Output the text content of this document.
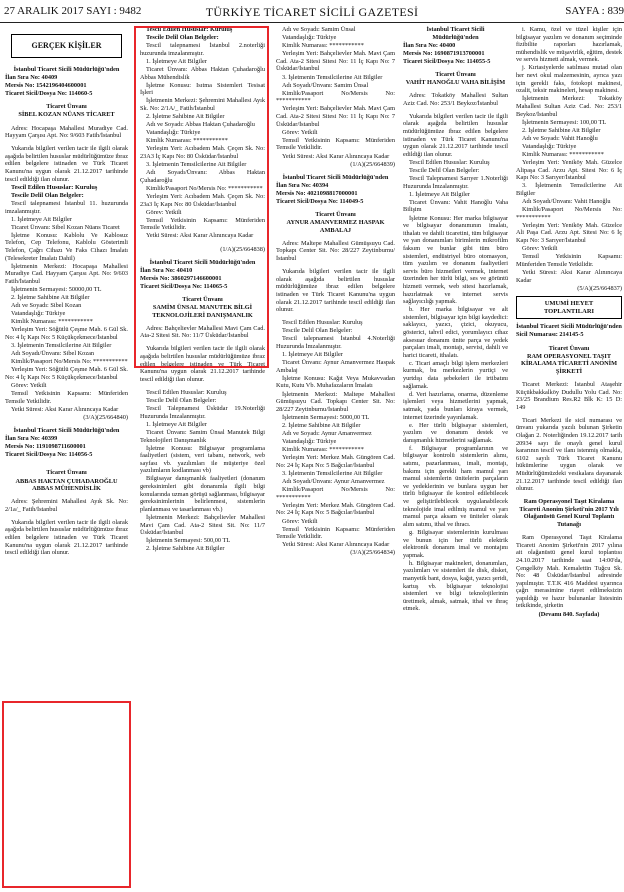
27 ARALIK 2017 SAYI : 9482	TÜRKİYE TİCARET SİCİLİ GAZETESİ	SAYFA : 839
GERÇEK KİŞİLER

İstanbul Ticaret Sicili Müdürlüğü'nden

İlan Sıra No: 40409

Mersis No: 1542196404600001

Ticaret Sicil/Dosya No: 114060-5

Ticaret Ünvanı

SİBEL KOZAN NÜANS TİCARET

Adres: Hocapaşa Mahallesi Muradiye Cad. Hayyam Çarşısı Apt. No: 9/603 Fatih/İstanbul

Yukarıda bilgileri verilen tacir ile ilgili olarak aşağıda belirtilen hususlar müdürlüğümüze ibraz edilen belgelere istinaden ve Türk Ticaret Kanunu'na uygun olarak 21.12.2017 tarihinde tescil edildiği ilan olunur.

Tescil Edilen Hususlar: Kuruluş

Tescile Delil Olan Belgeler:

Tescil talepnamesi İstanbul 11. huzurunda imzalanmıştır.

1. İşletmeye Ait Bilgiler

Ticaret Ünvanı: Sibel Kozan Nüans Ticaret

İşletme Konusu: Kablolu Ve Kablosuz Telefon, Cep Telefonu, Kablolu Gösterimli Telefon, Çağrı Cihazı Ve Faks Cihazı İmalatı (Telesekreter İmalatı Dahil)

İşletmenin Merkezi: Hocapaşa Mahallesi Muradiye Cad. Hayyam Çarşısı Apt. No: 9/603 Fatih/İstanbul

İşletmenin Sermayesi: 50000,00 TL

2. İşletme Sahibine Ait Bilgiler

Adı ve Soyadı: Sibel Kozan

Vatandaşlığı: Türkiye

Kimlik Numarası: ***********

Yerleşim Yeri: Söğütlü Çeşme Mah. 6 Gül Sk. No: 4 İç Kapı No: 5 Küçükçekmece/İstanbul

3. İşletmenin Temsilcilerine Ait Bilgiler

Adı Soyadı/Ünvanı: Sibel Kozan

Kimlik/Pasaport No/Mersis No: ***********

Yerleşim Yeri: Söğütlü Çeşme Mah. 6 Gül Sk. No: 4 İç Kapı No: 5 Küçükçekmece/İstanbul

Görev: Yetkili

Temsil Yetkisinin Kapsamı: Münferiden Temsile Yetkilidir.

Yetki Süresi: Aksi Karar Alınıncaya Kadar

(3/A)(25/664840)

İstanbul Ticaret Sicili Müdürlüğü'nden

İlan Sıra No: 40399

Mersis No: 1191098711600001

Ticaret Sicil/Dosya No: 114056-5

Ticaret Ünvanı

ABBAS HAKTAN ÇUHADAROĞLU ABBAS MÜHENDİSLİK

Adres: Şehremini Mahallesi Ayık Sk. No: 2/1a/_ Fatih/İstanbul

Yukarıda bilgileri verilen tacir ile ilgili olarak aşağıda belirtilen hususlar müdürlüğümüze ibraz edilen belgelere istinaden ve Türk Ticaret Kanunu'na uygun olarak 21.12.2017 tarihinde tescil edildiği ilan olunur.

Tescil Edilen Hususlar: Kuruluş

Tescile Delil Olan Belgeler:

Tescil talepnamesi İstanbul 2.noterliği huzurunda imzalanmıştır.

1. İşletmeye Ait Bilgiler

Ticaret Ünvanı: Abbas Haktan Çuhadaroğlu Abbas Mühendislik

İşletme Konusu: Isıtma Sistemleri Tesisat İşleri

İşletmenin Merkezi: Şehremini Mahallesi Ayık Sk. No: 2/1A/_ Fatih/İstanbul

2. İşletme Sahibine Ait Bilgiler

Adı ve Soyadı: Abbas Haktan Çuhadaroğlu

Vatandaşlığı: Türkiye

Kimlik Numarası: ***********

Yerleşim Yeri: Acıbadem Mah. Çeçen Sk. No: 23A3 İç Kapı No: 80 Üsküdar/İstanbul

3. İşletmenin Temsilcilerine Ait Bilgiler

Adı Soyadı/Ünvanı: Abbas Haktan Çuhadaroğlu

Kimlik/Pasaport No/Mersis No: ***********

Yerleşim Yeri: Acıbadem Mah. Çeçen Sk. No: 23a3 İç Kapı No: 80 Üsküdar/İstanbul

Görev: Yetkili

Temsil Yetkisinin Kapsamı: Münferiden Temsile Yetkilidir.

Yetki Süresi: Aksi Karar Alınıncaya Kadar

(1/A)(25/664838)

İstanbul Ticaret Sicili Müdürlüğü'nden

İlan Sıra No: 40410

Mersis No: 3860297146600001

Ticaret Sicil/Dosya No: 114065-5

Ticaret Ünvanı

SAMİM ÜNSAL MANUTEK BİLGİ TEKNOLOJİLERİ DANIŞMANLIK

Adres: Bahçelievler Mahallesi Mavi Çam Cad. Ata-2 Sitesi Sit. No: 11/7 Üsküdar/İstanbul

Yukarıda bilgileri verilen tacir ile ilgili olarak aşağıda belirtilen hususlar müdürlüğümüze ibraz edilen belgelere istinaden ve Türk Ticaret Kanunu'na uygun olarak 21.12.2017 tarihinde tescil edildiği ilan olunur.

Tescil Edilen Hususlar: Kuruluş

Tescile Delil Olan Belgeler:

Tescil Talepnamesi Üsküdar 19.Noterliği Huzurunda İmzalanmıştır.

1. İşletmeye Ait Bilgiler

Ticaret Ünvanı: Samim Ünsal Manutek Bilgi Teknolojileri Danışmanlık

İşletme Konusu: Bilgisayar programlama faaliyetleri (sistem, veri tabanı, network, web sayfası vb. yazılımları ile müşteriye özel yazılımların kodlanması vb)

Bilgisayar danışmanlık faaliyetleri (donanım gereksinimleri gibi donanımla ilgili bilgi konularında uzman görüşü sağlanması, bilgisayar gereksinimlerinin belirlenmesi, sistemlerin planlanması ve tasarlanması vb.)

İşletmenin Merkezi: Bahçelievler Mahallesi Mavi Çam Cad. Ata-2 Sitesi Sit. No: 11/7 Üsküdar/İstanbul

İşletmenin Sermayesi: 500,00 TL

2. İşletme Sahibine Ait Bilgiler

Adı ve Soyadı: Samim Ünsal

Vatandaşlığı: Türkiye

Kimlik Numarası: ***********

Yerleşim Yeri: Bahçelievler Mah. Mavi Çam Cad. Ata-2 Sitesi Sitesi No: 11 İç Kapı No: 7 Üsküdar/İstanbul

3. İşletmenin Temsilcilerine Ait Bilgiler

Adı Soyadı/Ünvanı: Samim Ünsal

Kimlik/Pasaport No/Mersis No: ***********

Yerleşim Yeri: Bahçelievler Mah. Mavi Çam Cad. Ata-2 Sitesi Sitesi No: 11 İç Kapı No: 7 Üsküdar/İstanbul

Görev: Yetkili

Temsil Yetkisinin Kapsamı: Münferiden Temsile Yetkilidir.

Yetki Süresi: Aksi Karar Alınıncaya Kadar

(1/A)(25/664839)

İstanbul Ticaret Sicili Müdürlüğü'nden

İlan Sıra No: 40394

Mersis No: 4021098817000001

Ticaret Sicil/Dosya No: 114049-5

Ticaret Ünvanı

AYNUR AMANVERMEZ HASPAK AMBALAJ

Adres: Maltepe Mahallesi Gümüşsuyu Cad. Topkapı Center Sit. No: 28/227 Zeytinburnu/İstanbul

Yukarıda bilgileri verilen tacir ile ilgili olarak aşağıda belirtilen hususlar müdürlüğümüze ibraz edilen belgelere istinaden ve Türk Ticaret Kanunu'na uygun olarak 21.12.2017 tarihinde tescil edildiği ilan olunur.

Tescil Edilen Hususlar: Kuruluş

Tescile Delil Olan Belgeler:

Tescil talepnamesi İstanbul 4.Noterliği Huzurunda İmzalanmıştır.

1. İşletmeye Ait Bilgiler

Ticaret Ünvanı: Aynur Amanvermez Haspak Ambalaj

İşletme Konusu: Kağıt Veya Mukavvadan Kutu, Kutu Vb. Muhafazaların İmalatı

İşletmenin Merkezi: Maltepe Mahallesi Gümüşsuyu Cad. Topkapı Center Sit. No: 28/227 Zeytinburnu/İstanbul

İşletmenin Sermayesi: 5000,00 TL

2. İşletme Sahibine Ait Bilgiler

Adı ve Soyadı: Aynur Amanvermez

Vatandaşlığı: Türkiye

Kimlik Numarası: ***********

Yerleşim Yeri: Merkez Mah. Güngören Cad. No: 24 İç Kapı No: 5 Bağcılar/İstanbul

3. İşletmenin Temsilcilerine Ait Bilgiler

Adı Soyadı/Ünvanı: Aynur Amanvermez

Kimlik/Pasaport No/Mersis No: ***********

Yerleşim Yeri: Merkez Mah. Güngören Cad. No: 24 İç Kapı No: 5 Bağcılar/İstanbul

Görev: Yetkili

Temsil Yetkisinin Kapsamı: Münferiden Temsile Yetkilidir.

Yetki Süresi: Aksi Karar Alınıncaya Kadar

(3/A)(25/664834)

İstanbul Ticaret Sicili Müdürlüğü'nden

İlan Sıra No: 40400

Mersis No: 1690871913700001

Ticaret Sicil/Dosya No: 114055-5

Ticaret Ünvanı

VAHİT HANOĞLU VAHA BİLİŞİM

Adres: Tokatköy Mahallesi Sultan Aziz Cad. No: 253/1 Beykoz/İstanbul

Yukarıda bilgileri verilen tacir ile ilgili olarak aşağıda belirtilen hususlar müdürlüğümüze ibraz edilen belgelere istinaden ve Türk Ticaret Kanunu'na uygun olarak 21.12.2017 tarihinde tescil edildiği ilan olunur.

Tescil Edilen Hususlar: Kuruluş

Tescile Delil Olan Belgeler:

Tescil Talepnamesi Sarıyer 1.Noterliği Huzurunda İmzalanmıştır.

1. İşletmeye Ait Bilgiler

Ticaret Ünvanı: Vahit Hanoğlu Vaha Bilişim

İşletme Konusu: Her marka bilgisayar ve bilgisayar donanımının imalatı, ithalatı ve dahili ticaretini, tüm bilgisayar ve yan donanımları birimlerin mikrofilm faksım ve bunlar gibi tüm büro sistemleri, endüstriyel büro otomasyon, tüm yazılım ve donanım faaliyetleri servis büro hizmetleri vermek, internet üzerinden her türlü bilgi, ses ve görüntü hizmeti vermek, web sitesi hazırlamak, hazırlatmak ve internet servis sağlayıcılığı yapmak.

b. Her marka bilgisayar ve alt sistemleri, bilgisayar için bilgi kaydedici: saklayıcı, yazıcı, çizici, okuyucu, gösterici, tahvil edici, yorumlayıcı cihaz aksesuar donanım ünite parça ve yedek parçaları imali, montajı, servisi, dahili ve harici ticareti, ithalatı.

c. Ticari amaçlı bilgi işlem merkezleri kurmak, bu merkezlerin yurtiçi ve yurtdışı data şebekeleri ile irtibatını sağlamak.

d. Veri hazırlama, onarma, düzenleme işlemleri veya hizmetlerini yapmak, satmak, yada bunları kiraya vermek, internet üzerinde yayınlamak.

e. Her türlü bilgisayar sistemleri, yazılım ve donanım destek ve danışmanlık hizmetlerini sağlamak.

f. Bilgisayar programlarının ve bilgisayar kontrolü sistemlerin alımı, satımı, pazarlanması, imali, montajı, bakımı için gerekli ham mamul yarı mamul sistemlerin ünitelerin parçaların ve yedeklerinin ve bunlara uygun her türlü bilgisayar ile kontrol edilebilecek ve geliştirilebilecek uygulanabilecek teknolojide imal edilmiş mamul ve yarı mamul parça aksam ve üniteler olarak alım satımı, ithal ve ihracı.

g. Bilgisayar sistemlerinin kurulması ve bunun için her türlü elektrik elektronik donanım imal ve montajını yapmak.

h. Bilgisayar makineleri, donanımları, yazılımları ve sistemleri ile disk, disket, manyetik bant, dosya, kağıt, yazıcı şeridi, kartuş vb. bilgisayar teknolojisi sistemleri ve bilgi teknolojilerinin üretimek, almak, satmak, ithal ve ihraç etmek.

i. Kamu, özel ve tüzel kişiler için bilgisayar yazılım ve donanım seçiminde fizibilite raporları hazırlamak, mühendislik ve müşavirlik, eğitim, destek ve servis hizmeti almak, vermek.

j. Kırtasiyelerde satılması mutad olan her nevi okul malzemesinin, ayrıca yazı için gerekli faks, fotokopi makinesi, ozalit, teksir makineleri, hesap makinesi.

İşletmenin Merkezi: Tokatköy Mahallesi Sultan Aziz Cad. No: 253/1 Beykoz/İstanbul

İşletmenin Sermayesi: 100,00 TL

2. İşletme Sahibine Ait Bilgiler

Adı ve Soyadı: Vahit Hanoğlu

Vatandaşlığı: Türkiye

Kimlik Numarası: ***********

Yerleşim Yeri: Yeniköy Mah. Güzelce Alipaşa Cad. Arzu Apt. Sitesi No: 6 İç Kapı No: 3 Sarıyer/İstanbul

3. İşletmenin Temsilcilerine Ait Bilgiler

Adı Soyadı/Ünvanı: Vahit Hanoğlu

Kimlik/Pasaport No/Mersis No: ***********

Yerleşim Yeri: Yeniköy Mah. Güzelce Ali Paşa Cad. Arzu Apt. Sitesi No: 6 İç Kapı No: 3 Sarıyer/İstanbul

Görev: Yetkili

Temsil Yetkisinin Kapsamı: Münferiden Temsile Yetkilidir.

Yetki Süresi: Aksi Karar Alınıncaya Kadar

(5/A)(25/664837)

UMUMİ HEYET TOPLANTILARI

İstanbul Ticaret Sicili Müdürlüğü'nden

Sicil Numarası: 214145-5

Ticaret Ünvanı

RAM OPERASYONEL TAŞIT KİRALAMA TİCARETİ ANONİM ŞİRKETİ

Ticaret Merkezi: İstanbul Ataşehir Küçükbakkalköy Dudullu Yolu Cad. No: 23/25 Brandium Res.R2 Blk K: 15 D: 149

Ticari Merkezi ile sicil numarası ve ünvanı yukarıda yazılı bulunan Şirketin Olağan 2. Noterliğinden 19.12.2017 tarih 20934 sayı ile onaylı genel kurul kararının tescil ve ilanı istenmiş olmakla, 6102 sayılı Türk Ticaret Kanunu hükümlerine uygun olarak ve Müdürlüğümüzdeki vesikalara dayanarak 21.12.2017 tarihinde tescil edildiği ilan olunur.

Ram Operasyonel Taşıt Kiralama Ticareti Anonim Şirketi'nin 2017 Yılı Olağanüstü Genel Kurul Toplantı Tutanağı

Ram Operasyonel Taşıt Kiralama Ticareti Anonim Şirketi'nin 2017 yılına ait olağanüstü genel kurul toplantısı 24.10.2017 tarihinde saat 14:00'da, Çengelköy Mah. Kemalettin Tuğcu Sk. No: 48 Üsküdar/İstanbul adresinde yapılmıştır. T.T.K 416 Maddesi uyarınca çağrı merasimine riayet edilmeksizin yapıldığı ve hazır bulunanlar listesinin tetkikinde, şirketin

(Devamı 840. Sayfada)
